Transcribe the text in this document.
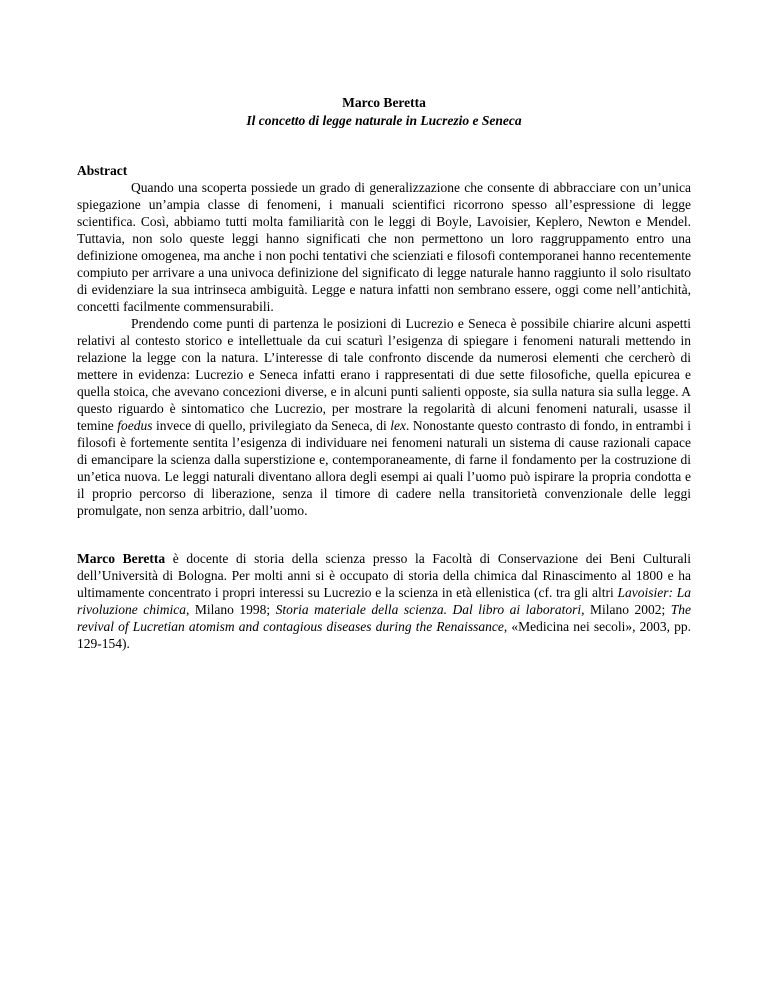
Marco Beretta
Il concetto di legge naturale in Lucrezio e Seneca
Abstract

Quando una scoperta possiede un grado di generalizzazione che consente di abbracciare con un’unica spiegazione un’ampia classe di fenomeni, i manuali scientifici ricorrono spesso all’espressione di legge scientifica. Così, abbiamo tutti molta familiarità con le leggi di Boyle, Lavoisier, Keplero, Newton e Mendel. Tuttavia, non solo queste leggi hanno significati che non permettono un loro raggruppamento entro una definizione omogenea, ma anche i non pochi tentativi che scienziati e filosofi contemporanei hanno recentemente compiuto per arrivare a una univoca definizione del significato di legge naturale hanno raggiunto il solo risultato di evidenziare la sua intrinseca ambiguità. Legge e natura infatti non sembrano essere, oggi come nell’antichità, concetti facilmente commensurabili.

Prendendo come punti di partenza le posizioni di Lucrezio e Seneca è possibile chiarire alcuni aspetti relativi al contesto storico e intellettuale da cui scaturì l’esigenza di spiegare i fenomeni naturali mettendo in relazione la legge con la natura. L’interesse di tale confronto discende da numerosi elementi che cercherò di mettere in evidenza: Lucrezio e Seneca infatti erano i rappresentati di due sette filosofiche, quella epicurea e quella stoica, che avevano concezioni diverse, e in alcuni punti salienti opposte, sia sulla natura sia sulla legge. A questo riguardo è sintomatico che Lucrezio, per mostrare la regolarità di alcuni fenomeni naturali, usasse il temine foedus invece di quello, privilegiato da Seneca, di lex. Nonostante questo contrasto di fondo, in entrambi i filosofi è fortemente sentita l’esigenza di individuare nei fenomeni naturali un sistema di cause razionali capace di emancipare la scienza dalla superstizione e, contemporaneamente, di farne il fondamento per la costruzione di un’etica nuova. Le leggi naturali diventano allora degli esempi ai quali l’uomo può ispirare la propria condotta e il proprio percorso di liberazione, senza il timore di cadere nella transitorietà convenzionale delle leggi promulgate, non senza arbitrio, dall’uomo.

Marco Beretta è docente di storia della scienza presso la Facoltà di Conservazione dei Beni Culturali dell’Università di Bologna. Per molti anni si è occupato di storia della chimica dal Rinascimento al 1800 e ha ultimamente concentrato i propri interessi su Lucrezio e la scienza in età ellenistica (cf. tra gli altri Lavoisier: La rivoluzione chimica, Milano 1998; Storia materiale della scienza. Dal libro ai laboratori, Milano 2002; The revival of Lucretian atomism and contagious diseases during the Renaissance, «Medicina nei secoli», 2003, pp. 129-154).
